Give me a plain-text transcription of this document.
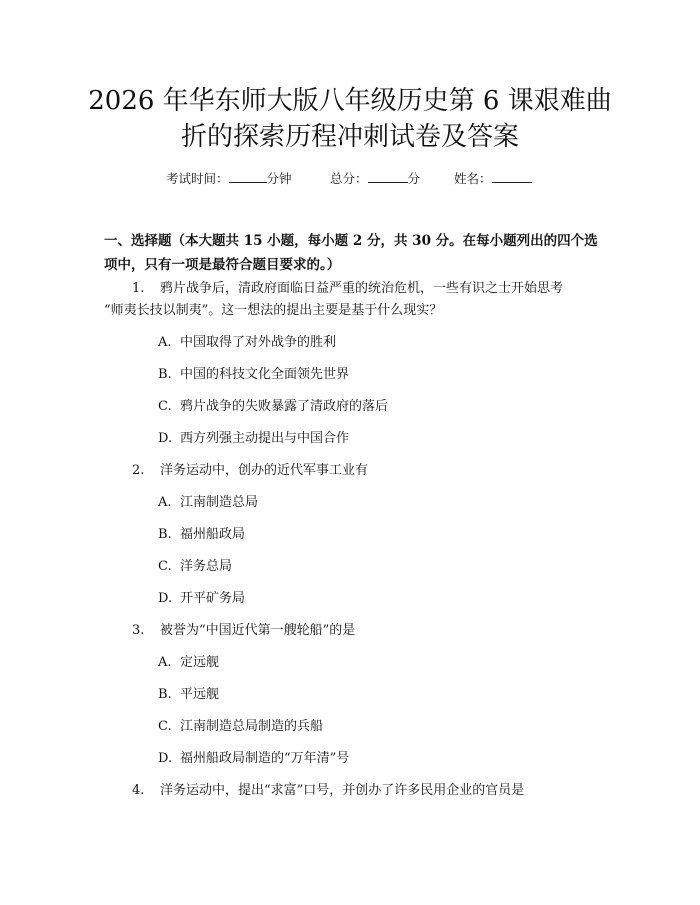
2026 年华东师大版八年级历史第 6 课艰难曲
折的探索历程冲刺试卷及答案
考试时间：	分钟	总分：	分	姓名：
一、选择题（本大题共 15 小题，每小题 2 分，共 30 分。在每小题列出的四个选
项中，只有一项是最符合题目要求的。）
1. 鸦片战争后，清政府面临日益严重的统治危机，一些有识之士开始思考
“师夷长技以制夷”。这一想法的提出主要是基于什么现实？
A. 中国取得了对外战争的胜利
B. 中国的科技文化全面领先世界
C. 鸦片战争的失败暴露了清政府的落后
D. 西方列强主动提出与中国合作
2. 洋务运动中，创办的近代军事工业有
A. 江南制造总局
B. 福州船政局
C. 洋务总局
D. 开平矿务局
3. 被誉为“中国近代第一艘轮船”的是
A. 定远舰
B. 平远舰
C. 江南制造总局制造的兵船
D. 福州船政局制造的“万年清”号
4. 洋务运动中，提出“求富”口号，并创办了许多民用企业的官员是
